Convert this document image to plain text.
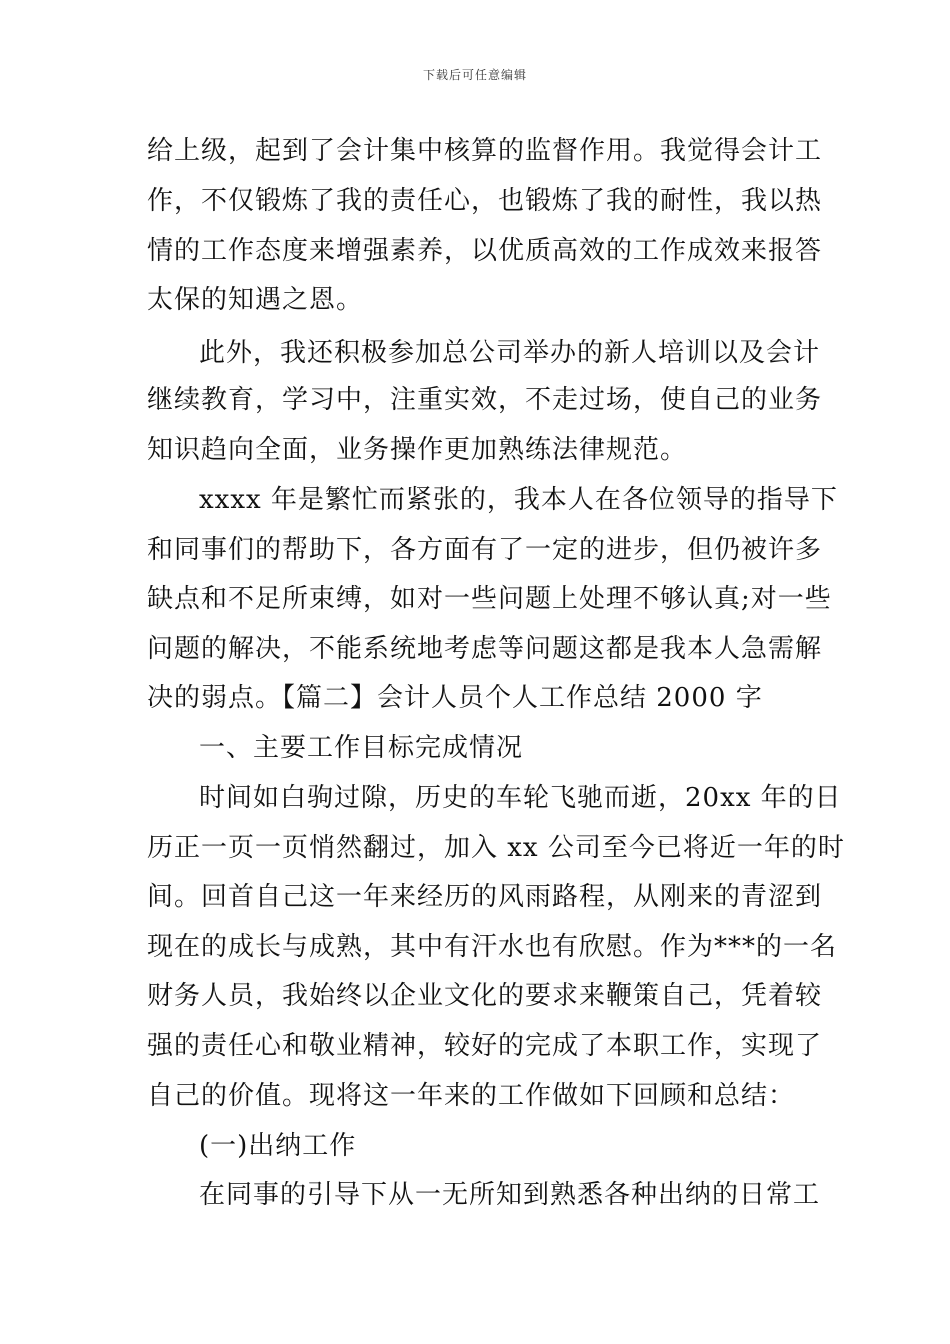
下载后可任意编辑
给上级，起到了会计集中核算的监督作用。我觉得会计工
作，不仅锻炼了我的责任心，也锻炼了我的耐性，我以热
情的工作态度来增强素养，以优质高效的工作成效来报答
太保的知遇之恩。
此外，我还积极参加总公司举办的新人培训以及会计
继续教育，学习中，注重实效，不走过场，使自己的业务
知识趋向全面，业务操作更加熟练法律规范。
xxxx 年是繁忙而紧张的，我本人在各位领导的指导下
和同事们的帮助下，各方面有了一定的进步，但仍被许多
缺点和不足所束缚，如对一些问题上处理不够认真;对一些
问题的解决，不能系统地考虑等问题这都是我本人急需解
决的弱点。【篇二】会计人员个人工作总结 2000 字
一、主要工作目标完成情况
时间如白驹过隙，历史的车轮飞驰而逝，20xx 年的日
历正一页一页悄然翻过，加入 xx 公司至今已将近一年的时
间。回首自己这一年来经历的风雨路程，从刚来的青涩到
现在的成长与成熟，其中有汗水也有欣慰。作为***的一名
财务人员，我始终以企业文化的要求来鞭策自己，凭着较
强的责任心和敬业精神，较好的完成了本职工作，实现了
自己的价值。现将这一年来的工作做如下回顾和总结：
(一)出纳工作
在同事的引导下从一无所知到熟悉各种出纳的日常工
